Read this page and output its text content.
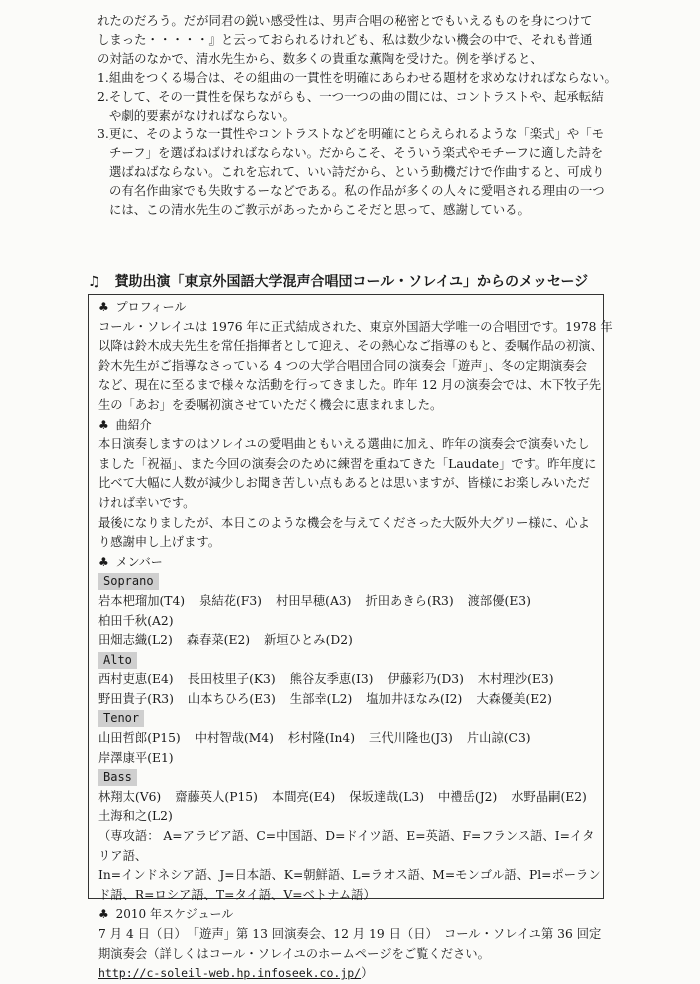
れたのだろう。だが同君の鋭い感受性は、男声合唱の秘密とでもいえるものを身につけて

しまった・・・・・』と云っておられるけれども、私は数少ない機会の中で、それも普通

の対話のなかで、清水先生から、数多くの貴重な薫陶を受けた。例を挙げると、

1.組曲をつくる場合は、その組曲の一貫性を明確にあらわせる題材を求めなければならない。

2.そして、その一貫性を保ちながらも、一つ一つの曲の間には、コントラストや、起承転結

や劇的要素がなければならない。

3.更に、そのような一貫性やコントラストなどを明確にとらえられるような「楽式」や「モ

チーフ」を選ばねばければならない。だからこそ、そういう楽式やモチーフに適した詩を

選ばねばならない。これを忘れて、いい詩だから、という動機だけで作曲すると、可成り

の有名作曲家でも失敗するーなどである。私の作品が多くの人々に愛唱される理由の一つ

には、この清水先生のご教示があったからこそだと思って、感謝している。

♫ 賛助出演「東京外国語大学混声合唱団コール・ソレイユ」からのメッセージ
♣ プロフィール
コール・ソレイユは 1976 年に正式結成された、東京外国語大学唯一の合唱団です。1978 年
以降は鈴木成夫先生を常任指揮者として迎え、その熱心なご指導のもと、委嘱作品の初演、
鈴木先生がご指導なさっている 4 つの大学合唱団合同の演奏会「遊声」、冬の定期演奏会
など、現在に至るまで様々な活動を行ってきました。昨年 12 月の演奏会では、木下牧子先
生の「あお」を委嘱初演させていただく機会に恵まれました。
♣ 曲紹介
本日演奏しますのはソレイユの愛唱曲ともいえる選曲に加え、昨年の演奏会で演奏いたし
ました「祝福」、また今回の演奏会のために練習を重ねてきた「Laudate」です。昨年度に
比べて大幅に人数が減少しお聞き苦しい点もあるとは思いますが、皆様にお楽しみいただ
ければ幸いです。
最後になりましたが、本日このような機会を与えてくださった大阪外大グリー様に、心よ
り感謝申し上げます。
♣ メンバー
Soprano
岩本杷瑠加(T4) 泉結花(F3) 村田早穂(A3) 折田あきら(R3) 渡部優(E3)
柏田千秋(A2)
田畑志織(L2) 森春菜(E2) 新垣ひとみ(D2)
Alto
西村吏恵(E4) 長田枝里子(K3) 熊谷友季恵(I3) 伊藤彩乃(D3) 木村理沙(E3)
野田貴子(R3) 山本ちひろ(E3) 生部幸(L2) 塩加井ほなみ(I2) 大森優美(E2)
Tenor
山田哲郎(P15) 中村智哉(M4) 杉村隆(In4) 三代川隆也(J3) 片山諒(C3)
岸澤康平(E1)
Bass
林翔太(V6) 齋藤英人(P15) 本間亮(E4) 保坂達哉(L3) 中禮岳(J2) 水野晶嗣(E2)
土海和之(L2)
（専攻語： A=アラビア語、C=中国語、D=ドイツ語、E=英語、F=フランス語、I=イタ
リア語、
In=インドネシア語、J=日本語、K=朝鮮語、L=ラオス語、M=モンゴル語、Pl=ポーラン
ド語、R=ロシア語、T=タイ語、V=ベトナム語）
♣ 2010 年スケジュール
7 月 4 日（日）　「遊声」第 13 回演奏会、12 月 19 日（日）　コール・ソレイユ第 36 回定
期演奏会（詳しくはコール・ソレイユのホームページをご覧ください。
http://c-soleil-web.hp.infoseek.co.jp/）
